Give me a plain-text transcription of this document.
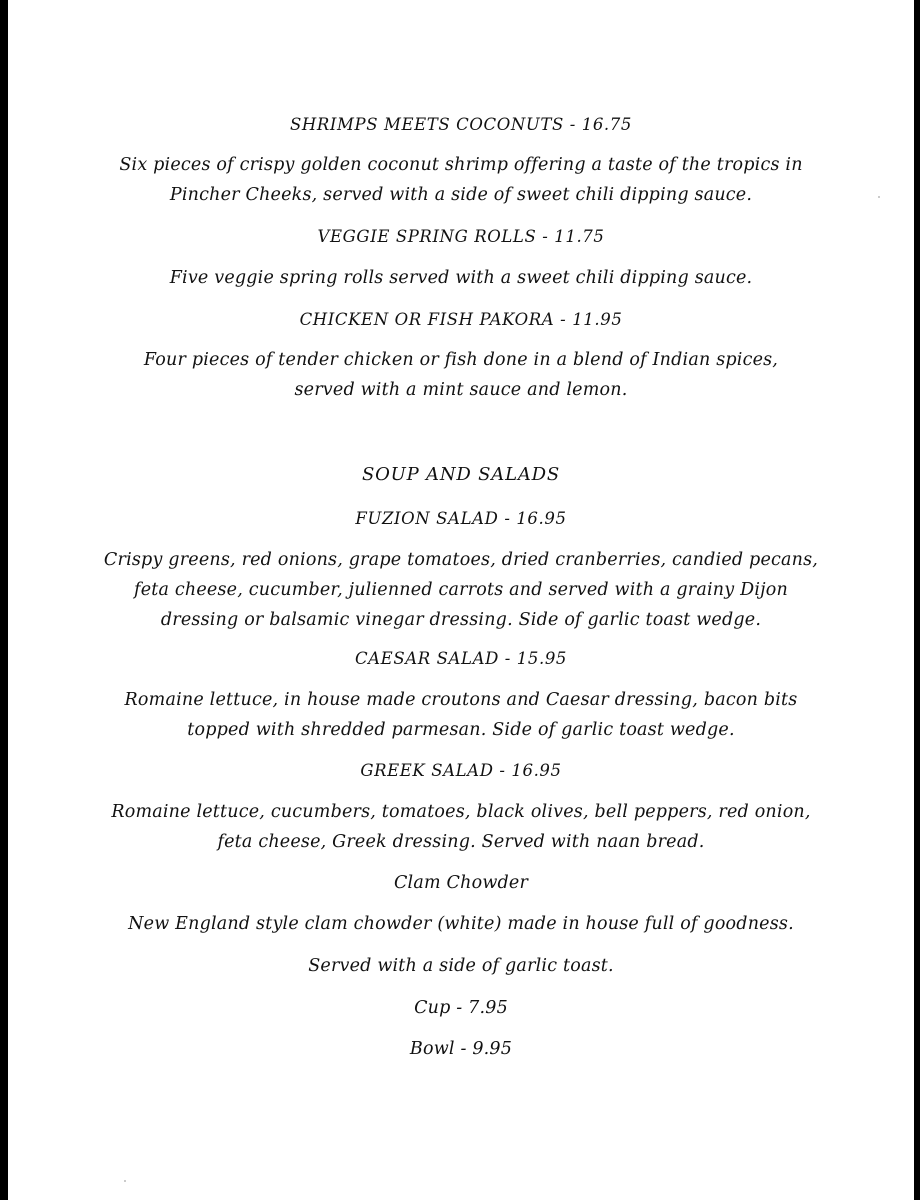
SHRIMPS MEETS COCONUTS - 16.75
Six pieces of crispy golden coconut shrimp offering a taste of the tropics in Pincher Cheeks, served with a side of sweet chili dipping sauce.
VEGGIE SPRING ROLLS - 11.75
Five veggie spring rolls served with a sweet chili dipping sauce.
CHICKEN OR FISH PAKORA - 11.95
Four pieces of tender chicken or fish done in a blend of Indian spices, served with a mint sauce and lemon.
SOUP AND SALADS
FUZION SALAD - 16.95
Crispy greens, red onions, grape tomatoes, dried cranberries, candied pecans, feta cheese, cucumber, julienned carrots and served with a grainy Dijon dressing or balsamic vinegar dressing. Side of garlic toast wedge.
CAESAR SALAD - 15.95
Romaine lettuce, in house made croutons and Caesar dressing, bacon bits topped with shredded parmesan. Side of garlic toast wedge.
GREEK SALAD - 16.95
Romaine lettuce, cucumbers, tomatoes, black olives, bell peppers, red onion, feta cheese, Greek dressing. Served with naan bread.
Clam Chowder
New England style clam chowder (white) made in house full of goodness.
Served with a side of garlic toast.
Cup - 7.95
Bowl - 9.95
